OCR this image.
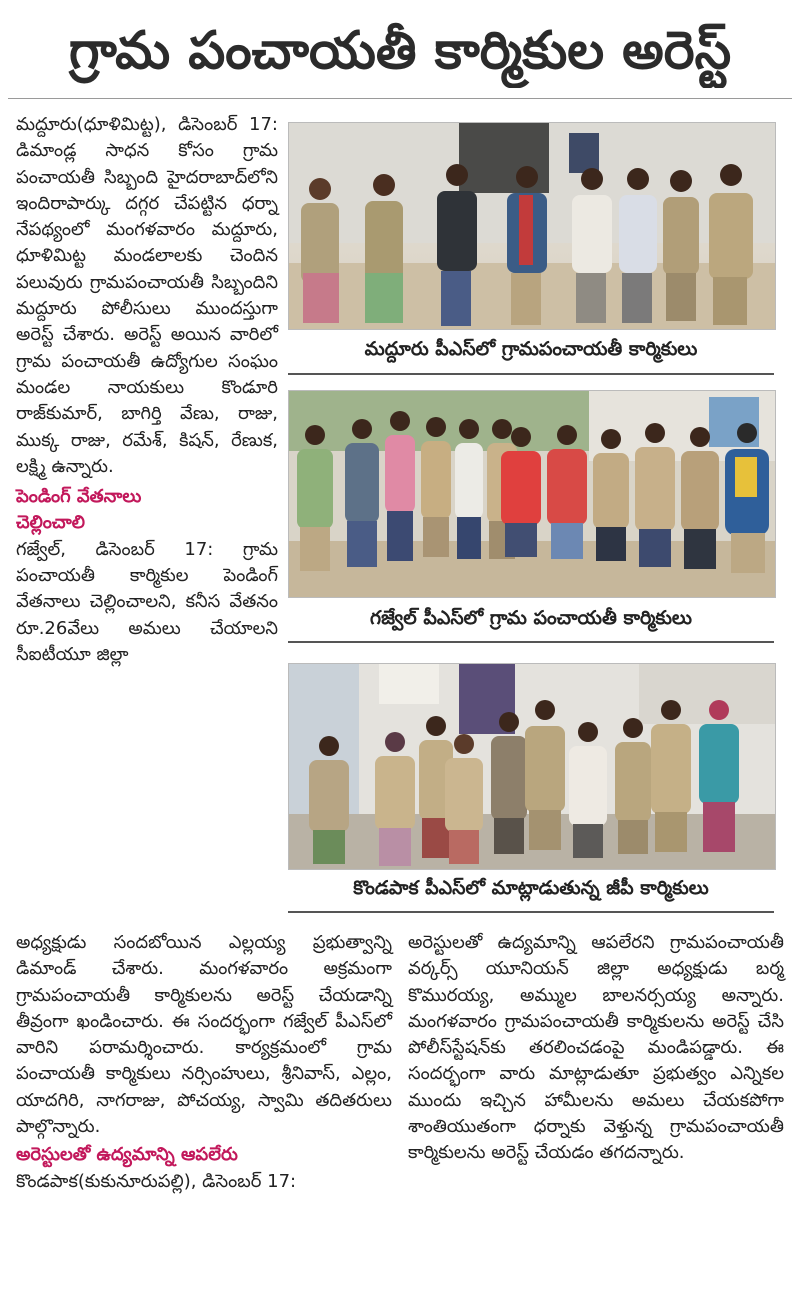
గ్రామ పంచాయతీ కార్మికుల అరెస్ట్

మద్దూరు(ధూళిమిట్ట), డిసెంబర్ 17: డిమాండ్ల సాధన కోసం గ్రామ పంచాయతీ సిబ్బంది హైదరాబాద్‌లోని ఇందిరాపార్కు దగ్గర చేపట్టిన ధర్నా నేపథ్యంలో మంగళవారం మద్దూరు, ధూళిమిట్ట మండలాలకు చెందిన పలువురు గ్రామపంచాయతీ సిబ్బందిని మద్దూరు పోలీసులు ముందస్తుగా అరెస్ట్ చేశారు. అరెస్ట్ అయిన వారిలో గ్రామ పంచాయతీ ఉద్యోగుల సంఘం మండల నాయకులు కొండూరి రాజ్‌కుమార్, బాగిర్తి వేణు, రాజు, ముక్క రాజు, రమేశ్, కిషన్, రేణుక, లక్ష్మి ఉన్నారు.

పెండింగ్ వేతనాలు
చెల్లించాలి

గజ్వేల్, డిసెంబర్ 17: గ్రామ పంచాయతీ కార్మికుల పెండింగ్ వేతనాలు చెల్లించాలని, కనీస వేతనం రూ.26వేలు అమలు చేయాలని సీఐటీయూ జిల్లా

మద్దూరు పీఎస్‌లో గ్రామపంచాయతీ కార్మికులు
గజ్వేల్ పీఎస్‌లో గ్రామ పంచాయతీ కార్మికులు
కొండపాక పీఎస్‌లో మాట్లాడుతున్న జీపీ కార్మికులు

అధ్యక్షుడు సందబోయిన ఎల్లయ్య ప్రభుత్వాన్ని డిమాండ్ చేశారు. మంగళవారం అక్రమంగా గ్రామపంచాయతీ కార్మికులను అరెస్ట్ చేయడాన్ని తీవ్రంగా ఖండించారు. ఈ సందర్భంగా గజ్వేల్ పీఎస్‌లో వారిని పరామర్శించారు. కార్యక్రమంలో గ్రామ పంచాయతీ కార్మికులు నర్సింహులు, శ్రీనివాస్, ఎల్లం, యాదగిరి, నాగరాజు, పోచయ్య, స్వామి తదితరులు పాల్గొన్నారు.

అరెస్టులతో ఉద్యమాన్ని ఆపలేరు

కొండపాక(కుకునూరుపల్లి), డిసెంబర్ 17:

అరెస్టులతో ఉద్యమాన్ని ఆపలేరని గ్రామపంచాయతీ వర్కర్స్ యూనియన్ జిల్లా అధ్యక్షుడు బర్మ కొమురయ్య, అమ్ముల బాలనర్సయ్య అన్నారు. మంగళవారం గ్రామపంచాయతీ కార్మికులను అరెస్ట్ చేసి పోలీస్‌స్టేషన్‌కు తరలించడంపై మండిపడ్డారు. ఈ సందర్భంగా వారు మాట్లాడుతూ ప్రభుత్వం ఎన్నికల ముందు ఇచ్చిన హామీలను అమలు చేయకపోగా శాంతియుతంగా ధర్నాకు వెళ్తున్న గ్రామపంచాయతీ కార్మికులను అరెస్ట్ చేయడం తగదన్నారు.
